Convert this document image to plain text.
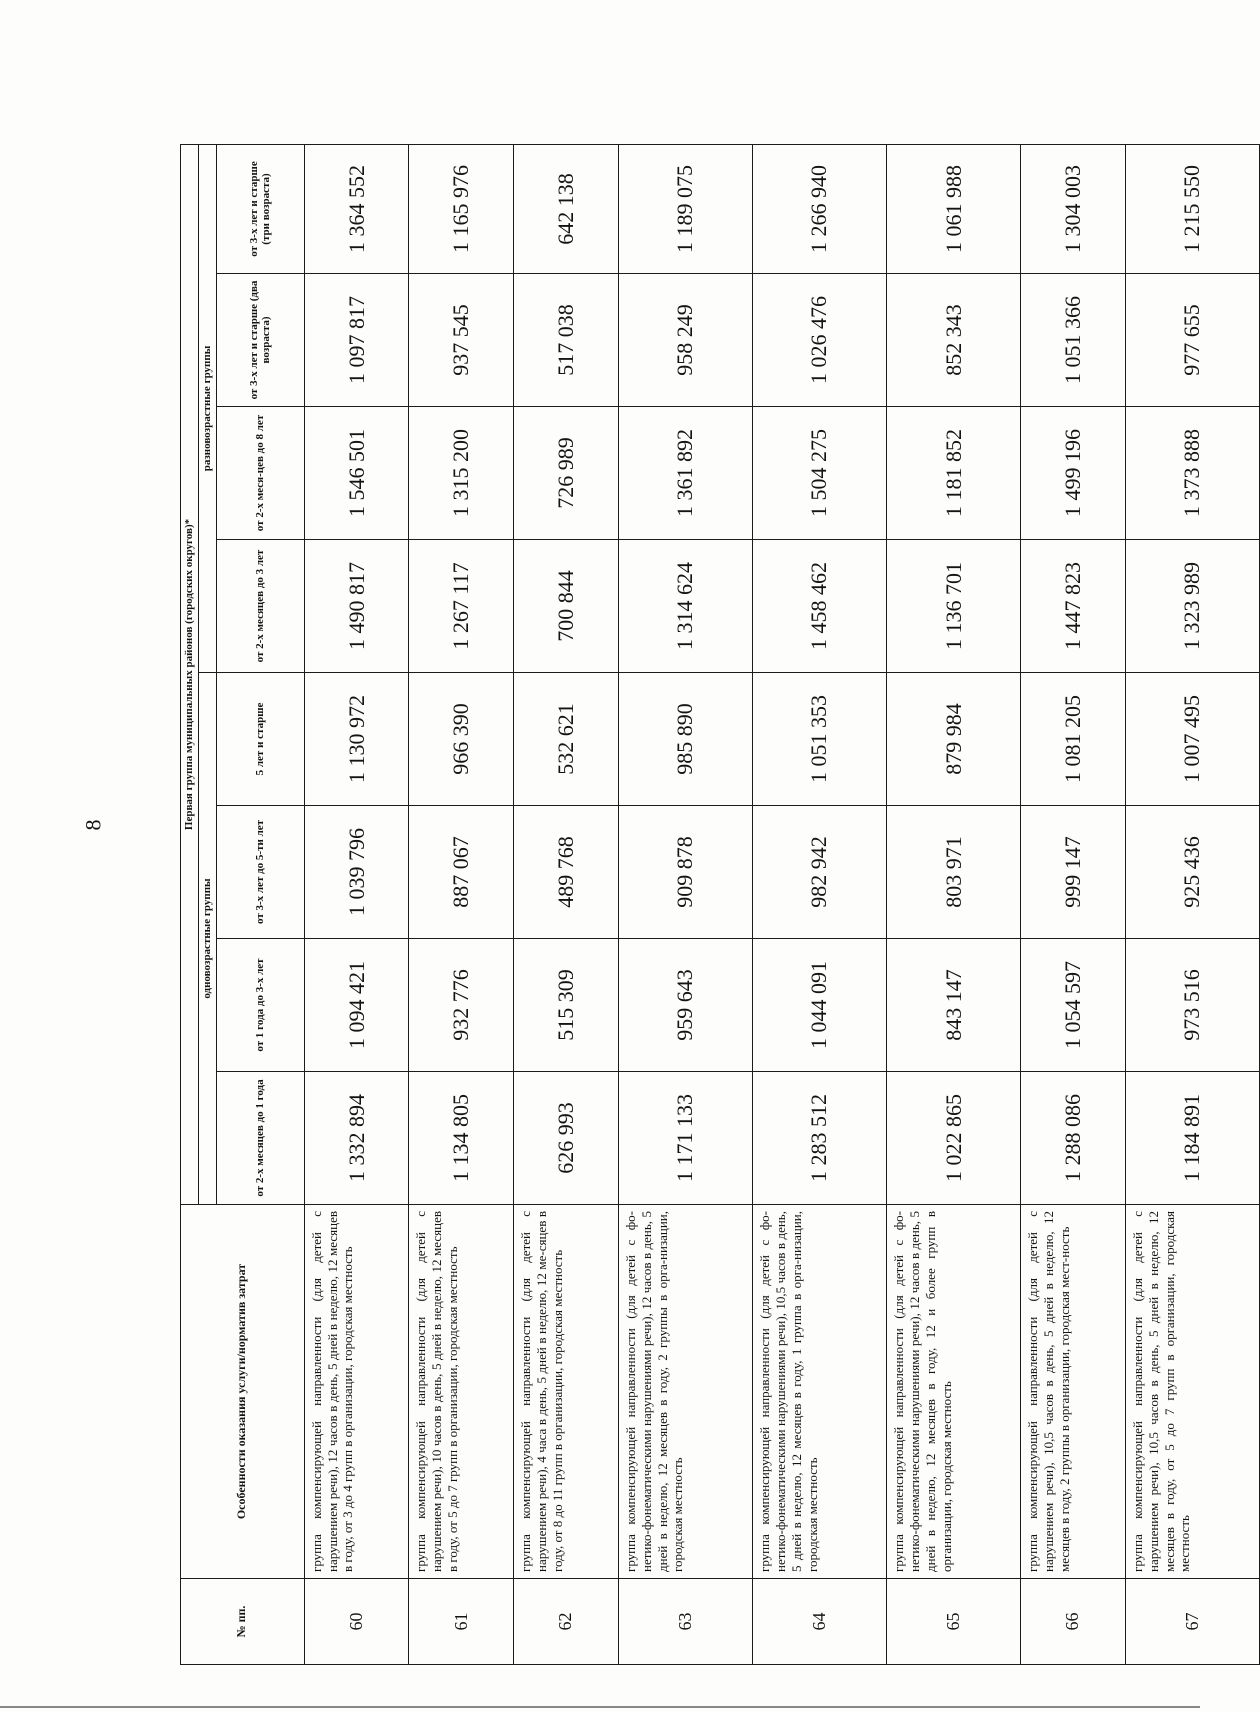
8
№ пп.	Особенности оказания услуги/норматив затрат	Первая группа муниципальных районов (городских округов)*							
		одновозрастные группы				разновозрастные группы			
		от 2-х месяцев до 1 года	от 1 года до 3-х лет	от 3-х лет до 5-ти лет	5 лет и старше	от 2-х месяцев до 3 лет	от 2-х меся-цев до 8 лет	от 3-х лет и старше (два возраста)	от 3-х лет и старше (три возраста)
60	группа компенсирующей направленности (для детей с нарушением речи), 12 часов в день, 5 дней в неделю, 12 месяцев в году, от 3 до 4 групп в организации, городская местность	1 332 894	1 094 421	1 039 796	1 130 972	1 490 817	1 546 501	1 097 817	1 364 552
61	группа компенсирующей направленности (для детей с нарушением речи), 10 часов в день, 5 дней в неделю, 12 месяцев в году, от 5 до 7 групп в организации, городская местность	1 134 805	932 776	887 067	966 390	1 267 117	1 315 200	937 545	1 165 976
62	группа компенсирующей направленности (для детей с нарушением речи), 4 часа в день, 5 дней в неделю, 12 ме-сяцев в году, от 8 до 11 групп в организации, городская местность	626 993	515 309	489 768	532 621	700 844	726 989	517 038	642 138
63	группа компенсирующей направленности (для детей с фо-нетико-фонематическими нарушениями речи), 12 часов в день, 5 дней в неделю, 12 месяцев в году, 2 группы в орга-низации, городская местность	1 171 133	959 643	909 878	985 890	1 314 624	1 361 892	958 249	1 189 075
64	группа компенсирующей направленности (для детей с фо-нетико-фонематическими нарушениями речи), 10,5 часов в день, 5 дней в неделю, 12 месяцев в году, 1 группа в орга-низации, городская местность	1 283 512	1 044 091	982 942	1 051 353	1 458 462	1 504 275	1 026 476	1 266 940
65	группа компенсирующей направленности (для детей с фо-нетико-фонематическими нарушениями речи), 12 часов в день, 5 дней в неделю, 12 месяцев в году, 12 и более групп в организации, городская местность	1 022 865	843 147	803 971	879 984	1 136 701	1 181 852	852 343	1 061 988
66	группа компенсирующей направленности (для детей с нарушением речи), 10,5 часов в день, 5 дней в неделю, 12 месяцев в году, 2 группы в организации, городская мест-ность	1 288 086	1 054 597	999 147	1 081 205	1 447 823	1 499 196	1 051 366	1 304 003
67	группа компенсирующей направленности (для детей с нарушением речи), 10,5 часов в день, 5 дней в неделю, 12 месяцев в году, от 5 до 7 групп в организации, городская местность	1 184 891	973 516	925 436	1 007 495	1 323 989	1 373 888	977 655	1 215 550
